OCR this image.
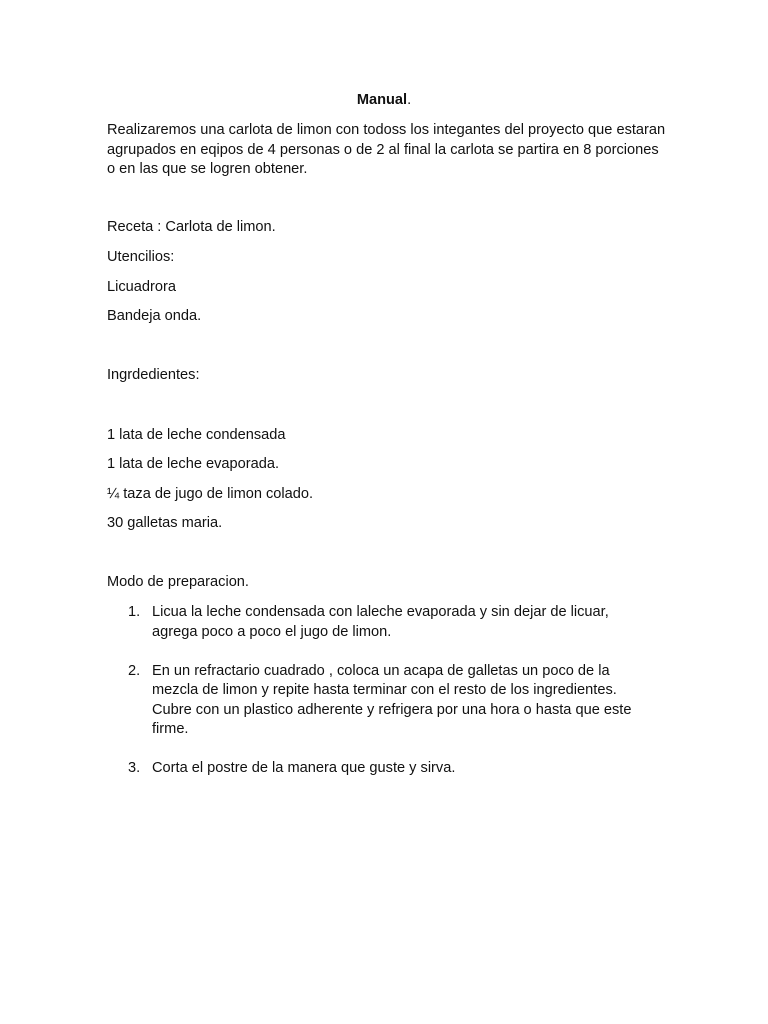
Manual.
Realizaremos una carlota de limon con todoss los integantes del proyecto que estaran agrupados en eqipos de 4 personas o de 2 al final la carlota se partira en 8 porciones o en las que se logren obtener.
Receta : Carlota de limon.
Utencilios:
Licuadrora
Bandeja onda.
Ingrdedientes:
1 lata de leche condensada
1 lata de leche evaporada.
¼ taza de jugo de limon colado.
30 galletas maria.
Modo de preparacion.
1. Licua la leche condensada con laleche evaporada y sin dejar de licuar, agrega poco a poco el jugo de limon.
2. En un refractario cuadrado , coloca un acapa de galletas un poco de la mezcla de limon y repite hasta terminar con el resto de los ingredientes. Cubre con un plastico adherente y refrigera por una hora o hasta que este firme.
3. Corta el postre de la manera que guste y sirva.
